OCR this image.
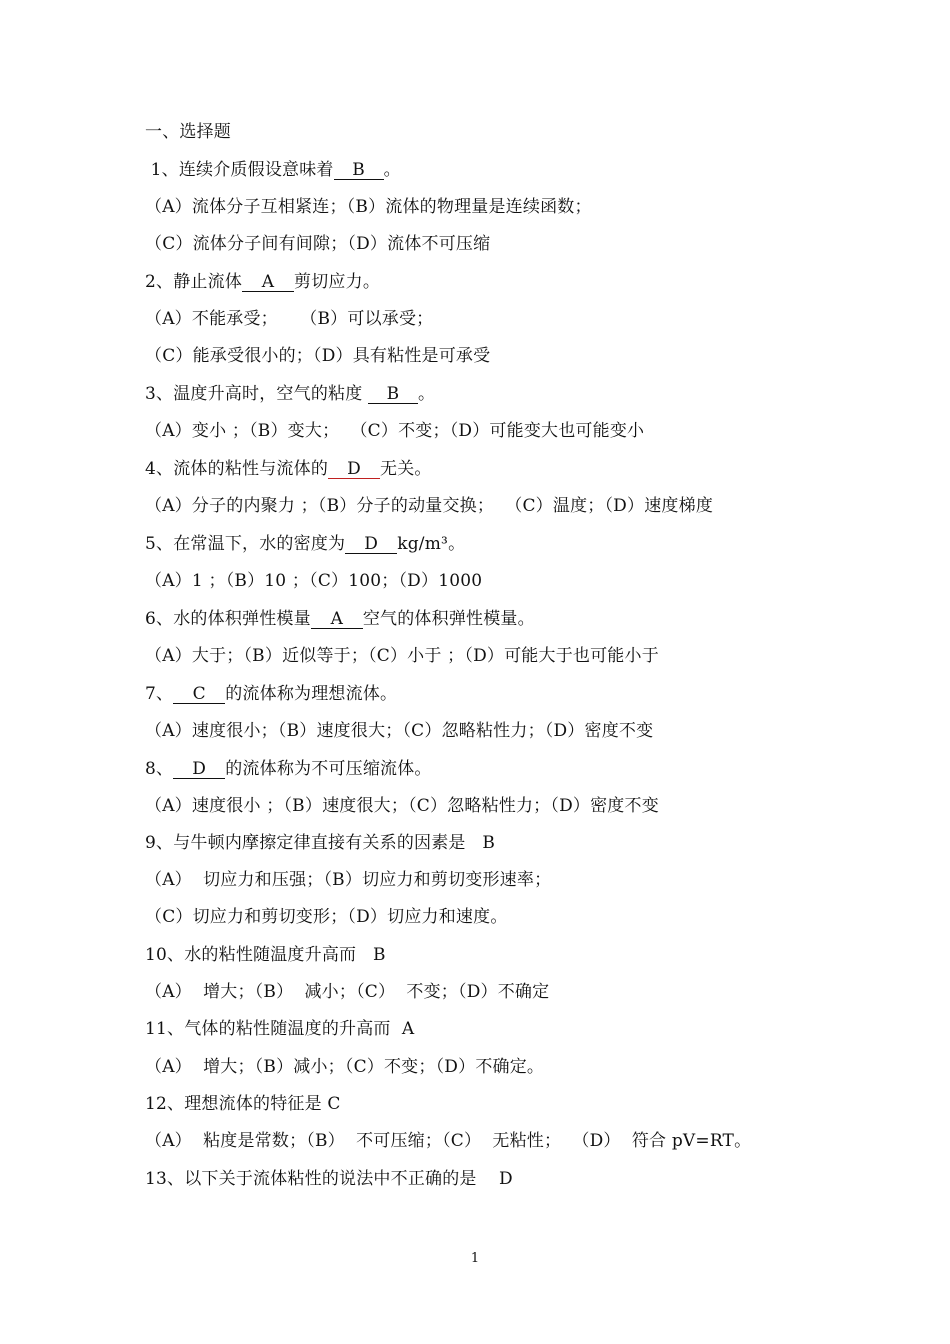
一、选择题
1、连续介质假设意味着 B 。
（A）流体分子互相紧连；（B）流体的物理量是连续函数；
（C）流体分子间有间隙；（D）流体不可压缩
2、静止流体 A 剪切应力。
（A）不能承受；    （B）可以承受；
（C）能承受很小的；（D）具有粘性是可承受
3、温度升高时，空气的粘度 B 。
（A）变小 ；（B）变大；  （C）不变；（D）可能变大也可能变小
4、流体的粘性与流体的 D 无关。
（A）分子的内聚力 ；（B）分子的动量交换；  （C）温度；（D）速度梯度
5、在常温下，水的密度为 D kg/m³。
（A）1 ；（B）10 ；（C）100；（D）1000
6、水的体积弹性模量 A 空气的体积弹性模量。
（A）大于；（B）近似等于；（C）小于 ；（D）可能大于也可能小于
7、 C 的流体称为理想流体。
（A）速度很小；（B）速度很大；（C）忽略粘性力；（D）密度不变
8、 D 的流体称为不可压缩流体。
（A）速度很小 ；（B）速度很大；（C）忽略粘性力；（D）密度不变
9、与牛顿内摩擦定律直接有关系的因素是   B
（A）  切应力和压强；（B）切应力和剪切变形速率；
（C）切应力和剪切变形；（D）切应力和速度。
10、水的粘性随温度升高而   B
（A）  增大；（B）  减小；（C）  不变；（D）不确定
11、气体的粘性随温度的升高而  A
（A）  增大；（B）减小；（C）不变；（D）不确定。
12、理想流体的特征是 C
（A）  粘度是常数；（B）  不可压缩；（C）  无粘性；  （D）  符合 pV=RT。
13、以下关于流体粘性的说法中不正确的是    D
1
